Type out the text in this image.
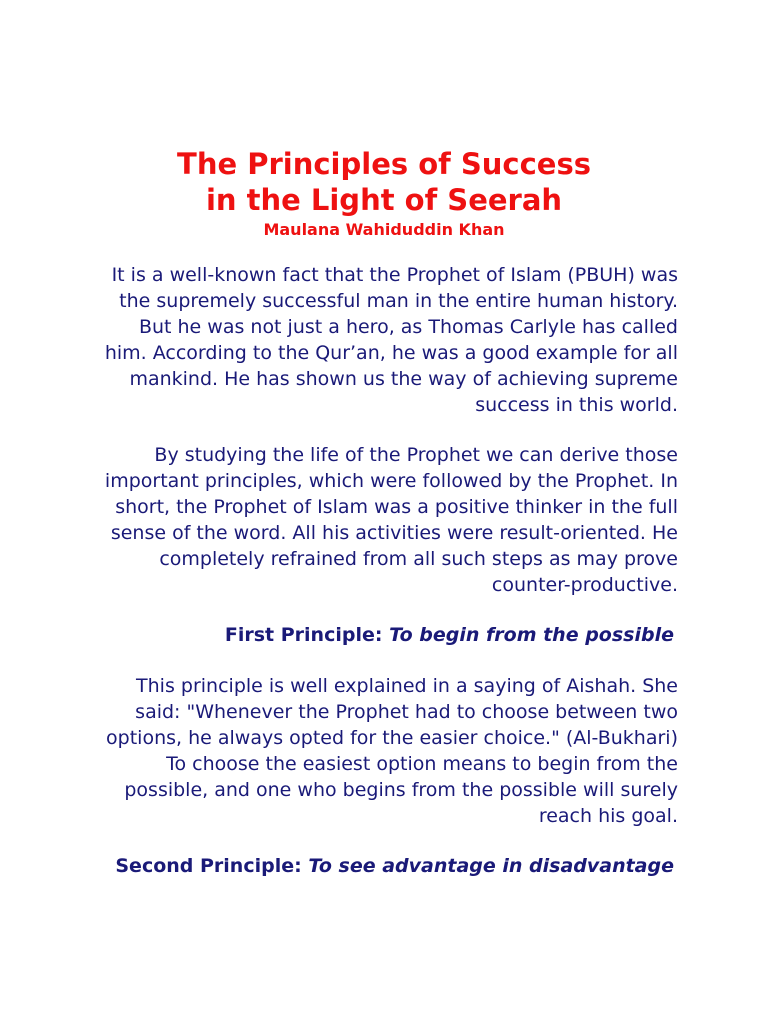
The Principles of Success
in the Light of Seerah
Maulana Wahiduddin Khan

It is a well-known fact that the Prophet of Islam (PBUH) was the supremely successful man in the entire human history. But he was not just a hero, as Thomas Carlyle has called him. According to the Qur’an, he was a good example for all mankind. He has shown us the way of achieving supreme success in this world.

By studying the life of the Prophet we can derive those important principles, which were followed by the Prophet. In short, the Prophet of Islam was a positive thinker in the full sense of the word. All his activities were result-oriented. He completely refrained from all such steps as may prove counter-productive.

First Principle: To begin from the possible

This principle is well explained in a saying of Aishah. She said: "Whenever the Prophet had to choose between two options, he always opted for the easier choice." (Al-Bukhari) To choose the easiest option means to begin from the possible, and one who begins from the possible will surely reach his goal.

Second Principle: To see advantage in disadvantage
